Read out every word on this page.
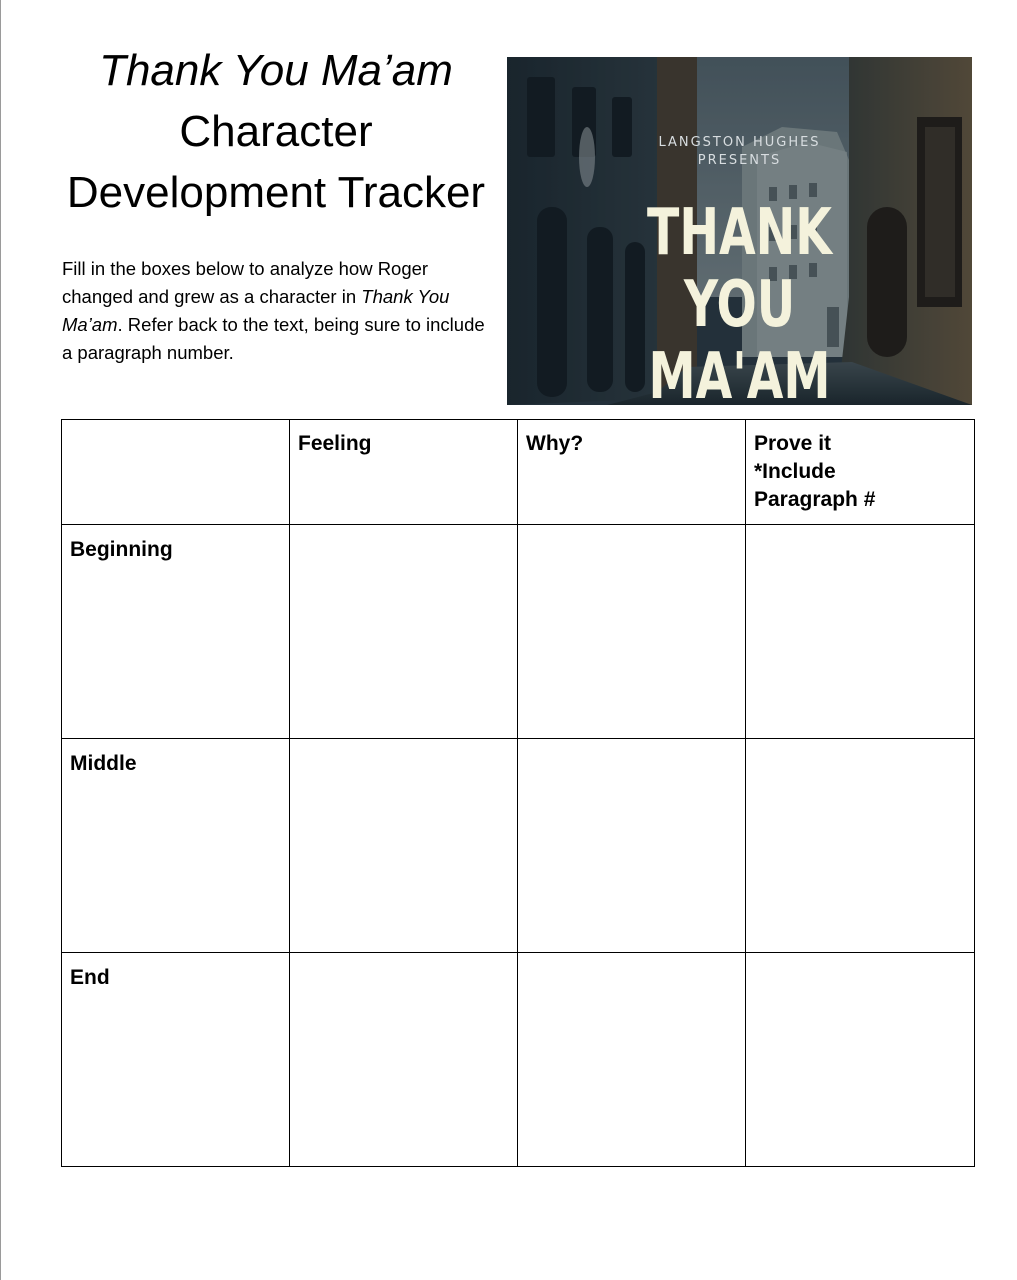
Thank You Ma’am
Character
Development Tracker

Fill in the boxes below to analyze how Roger changed and grew as a character in Thank You Ma’am. Refer back to the text, being sure to include a paragraph number.

LANGSTON HUGHES
PRESENTS
THANK YOU
MA'AM
	Feeling	Why?	Prove it
*Include
Paragraph #

Beginning			
Middle			
End			
